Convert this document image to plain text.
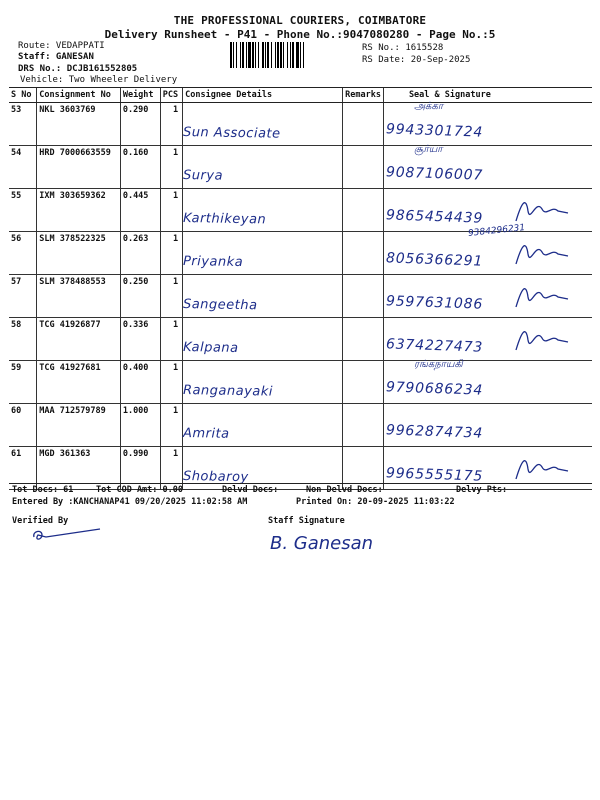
THE PROFESSIONAL COURIERS, COIMBATORE
Delivery Runsheet - P41 - Phone No.:9047080280 - Page No.:5
Route: VEDAPPATI
Staff: GANESAN
DRS No.: DCJB161552805
Vehicle: Two Wheeler Delivery
RS No.: 1615528
RS Date: 20-Sep-2025
S No	Consignment No	Weight	PCS	Consignee Details	Remarks	Seal & Signature
53	NKL 3603769	0.290	1	Sun Associate		அக்கா
9943301724

54	HRD 7000663559	0.160	1	Surya		சூர்யா
9087106007

55	IXM 303659362	0.445	1	Karthikeyan		9865454439

56	SLM 378522325	0.263	1	Priyanka		9384296231
8056366291

57	SLM 378488553	0.250	1	Sangeetha		9597631086

58	TCG 41926877	0.336	1	Kalpana		6374227473

59	TCG 41927681	0.400	1	Ranganayaki		ரங்கநாயகி
9790686234

60	MAA 712579789	1.000	1	Amrita		9962874734

61	MGD 361363	0.990	1	Shobaroy		9965555175
Tot Docs: 61	Tot COD Amt: 0.00	Delvd Docs:	Non Delvd Docs:	Delvy Pts:
Entered By :KANCHANAP41 09/20/2025 11:02:58 AM	Printed On: 20-09-2025 11:03:22
Verified By	Staff Signature
B. Ganesan
